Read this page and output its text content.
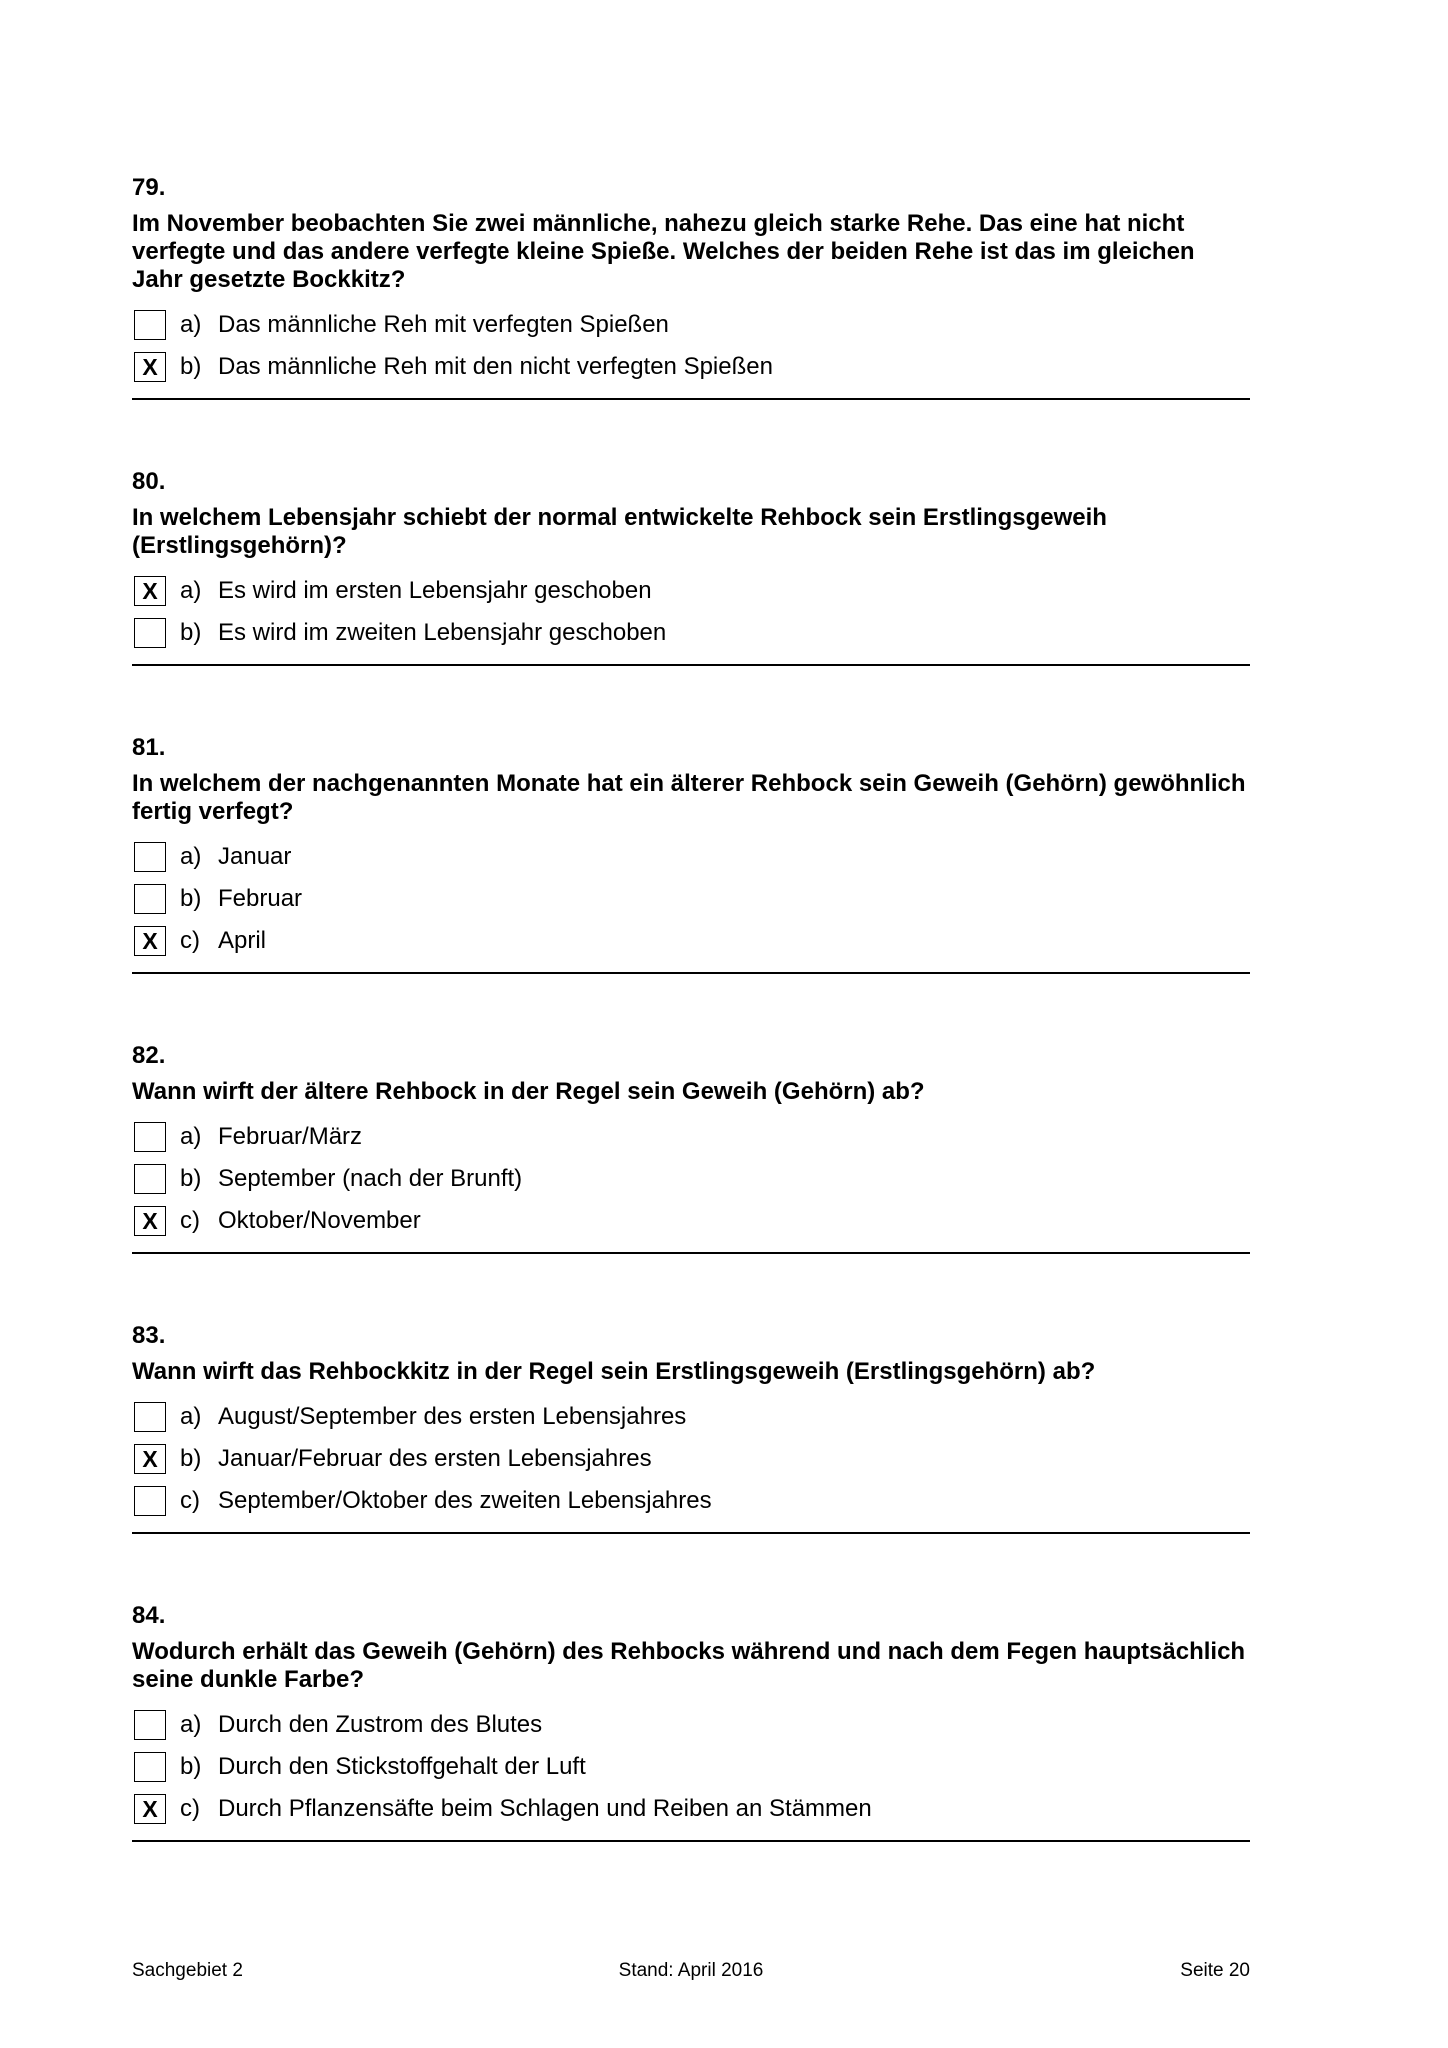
79.
Im November beobachten Sie zwei männliche, nahezu gleich starke Rehe. Das eine hat nicht verfegte und das andere verfegte kleine Spieße. Welches der beiden Rehe ist das im gleichen Jahr gesetzte Bockkitz?
a) Das männliche Reh mit verfegten Spießen
X b) Das männliche Reh mit den nicht verfegten Spießen
80.
In welchem Lebensjahr schiebt der normal entwickelte Rehbock sein Erstlingsgeweih (Erstlingsgehörn)?
X a) Es wird im ersten Lebensjahr geschoben
b) Es wird im zweiten Lebensjahr geschoben
81.
In welchem der nachgenannten Monate hat ein älterer Rehbock sein Geweih (Gehörn) gewöhnlich fertig verfegt?
a) Januar
b) Februar
X c) April
82.
Wann wirft der ältere Rehbock in der Regel sein Geweih (Gehörn) ab?
a) Februar/März
b) September (nach der Brunft)
X c) Oktober/November
83.
Wann wirft das Rehbockkitz in der Regel sein Erstlingsgeweih (Erstlingsgehörn) ab?
a) August/September des ersten Lebensjahres
X b) Januar/Februar des ersten Lebensjahres
c) September/Oktober des zweiten Lebensjahres
84.
Wodurch erhält das Geweih (Gehörn) des Rehbocks während und nach dem Fegen hauptsächlich seine dunkle Farbe?
a) Durch den Zustrom des Blutes
b) Durch den Stickstoffgehalt der Luft
X c) Durch Pflanzensäfte beim Schlagen und Reiben an Stämmen
Sachgebiet 2	Stand: April 2016	Seite 20
